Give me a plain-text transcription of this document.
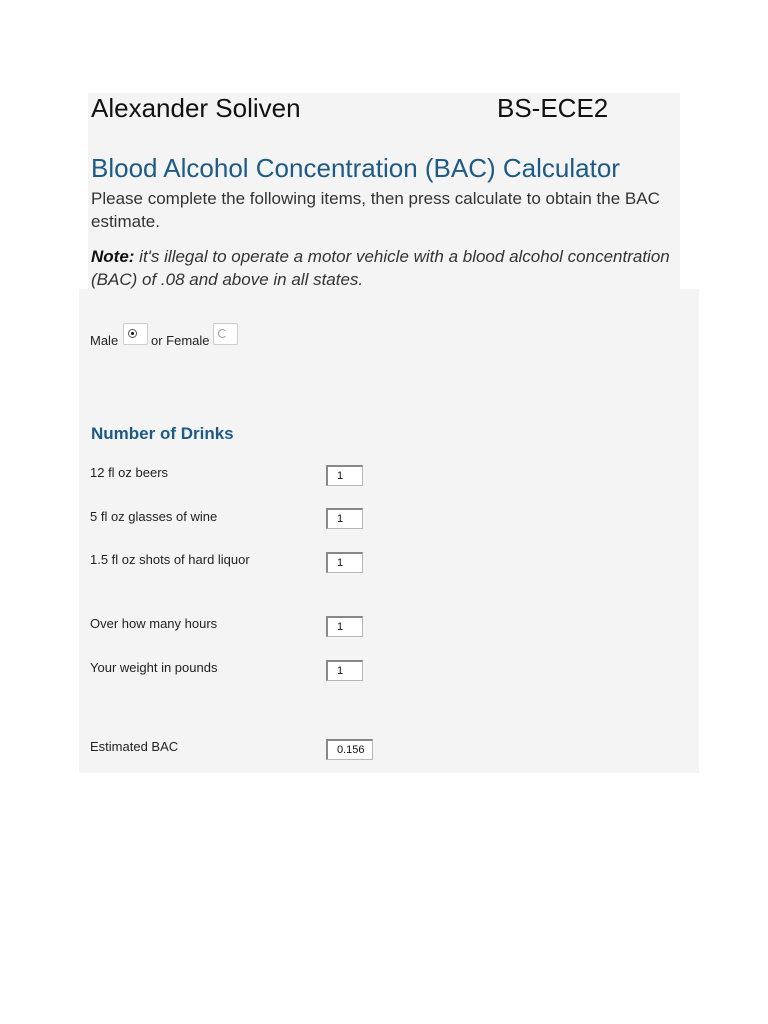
Alexander Soliven	BS-ECE2
Blood Alcohol Concentration (BAC) Calculator
Please complete the following items, then press calculate to obtain the BAC estimate.
Note: it's illegal to operate a motor vehicle with a blood alcohol concentration (BAC) of .08 and above in all states.
Male	or Female
Number of Drinks
12 fl oz beers	1
5 fl oz glasses of wine	1
1.5 fl oz shots of hard liquor	1
Over how many hours	1
Your weight in pounds	1
Estimated BAC	0.156
